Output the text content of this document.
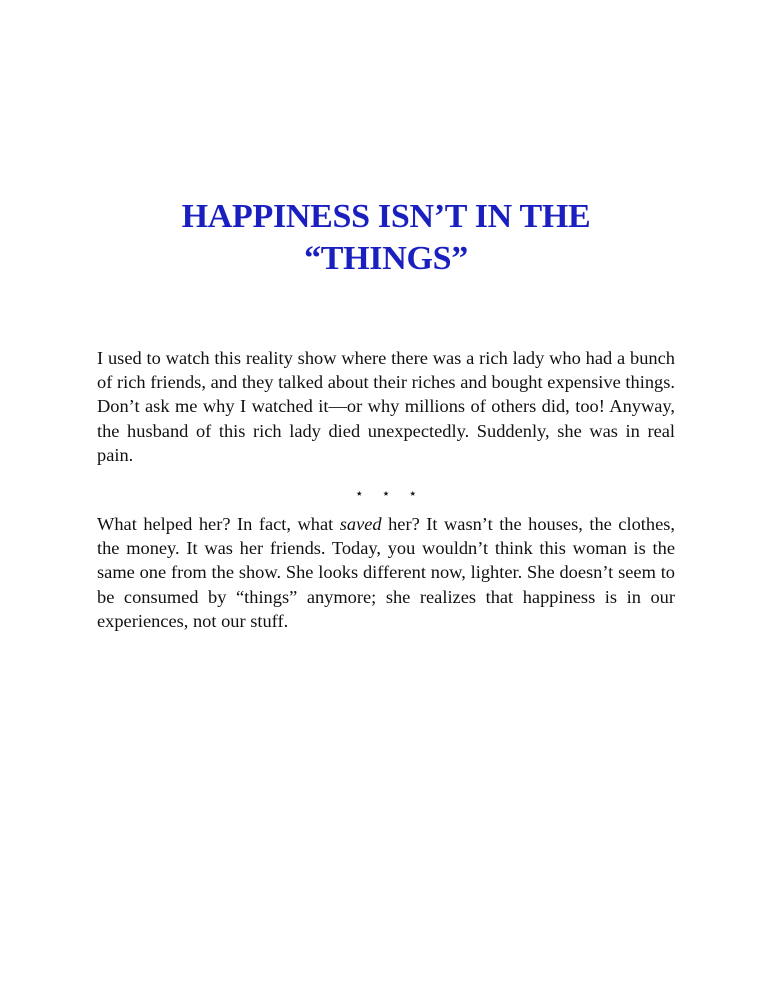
HAPPINESS ISN’T IN THE
“THINGS”

I used to watch this reality show where there was a rich lady who had a bunch of rich friends, and they talked about their riches and bought expensive things. Don’t ask me why I watched it—or why millions of others did, too! Anyway, the husband of this rich lady died unexpectedly. Suddenly, she was in real pain.

⋆⋆⋆

What helped her? In fact, what saved her? It wasn’t the houses, the clothes, the money. It was her friends. Today, you wouldn’t think this woman is the same one from the show. She looks different now, lighter. She doesn’t seem to be consumed by “things” anymore; she realizes that happiness is in our experiences, not our stuff.
